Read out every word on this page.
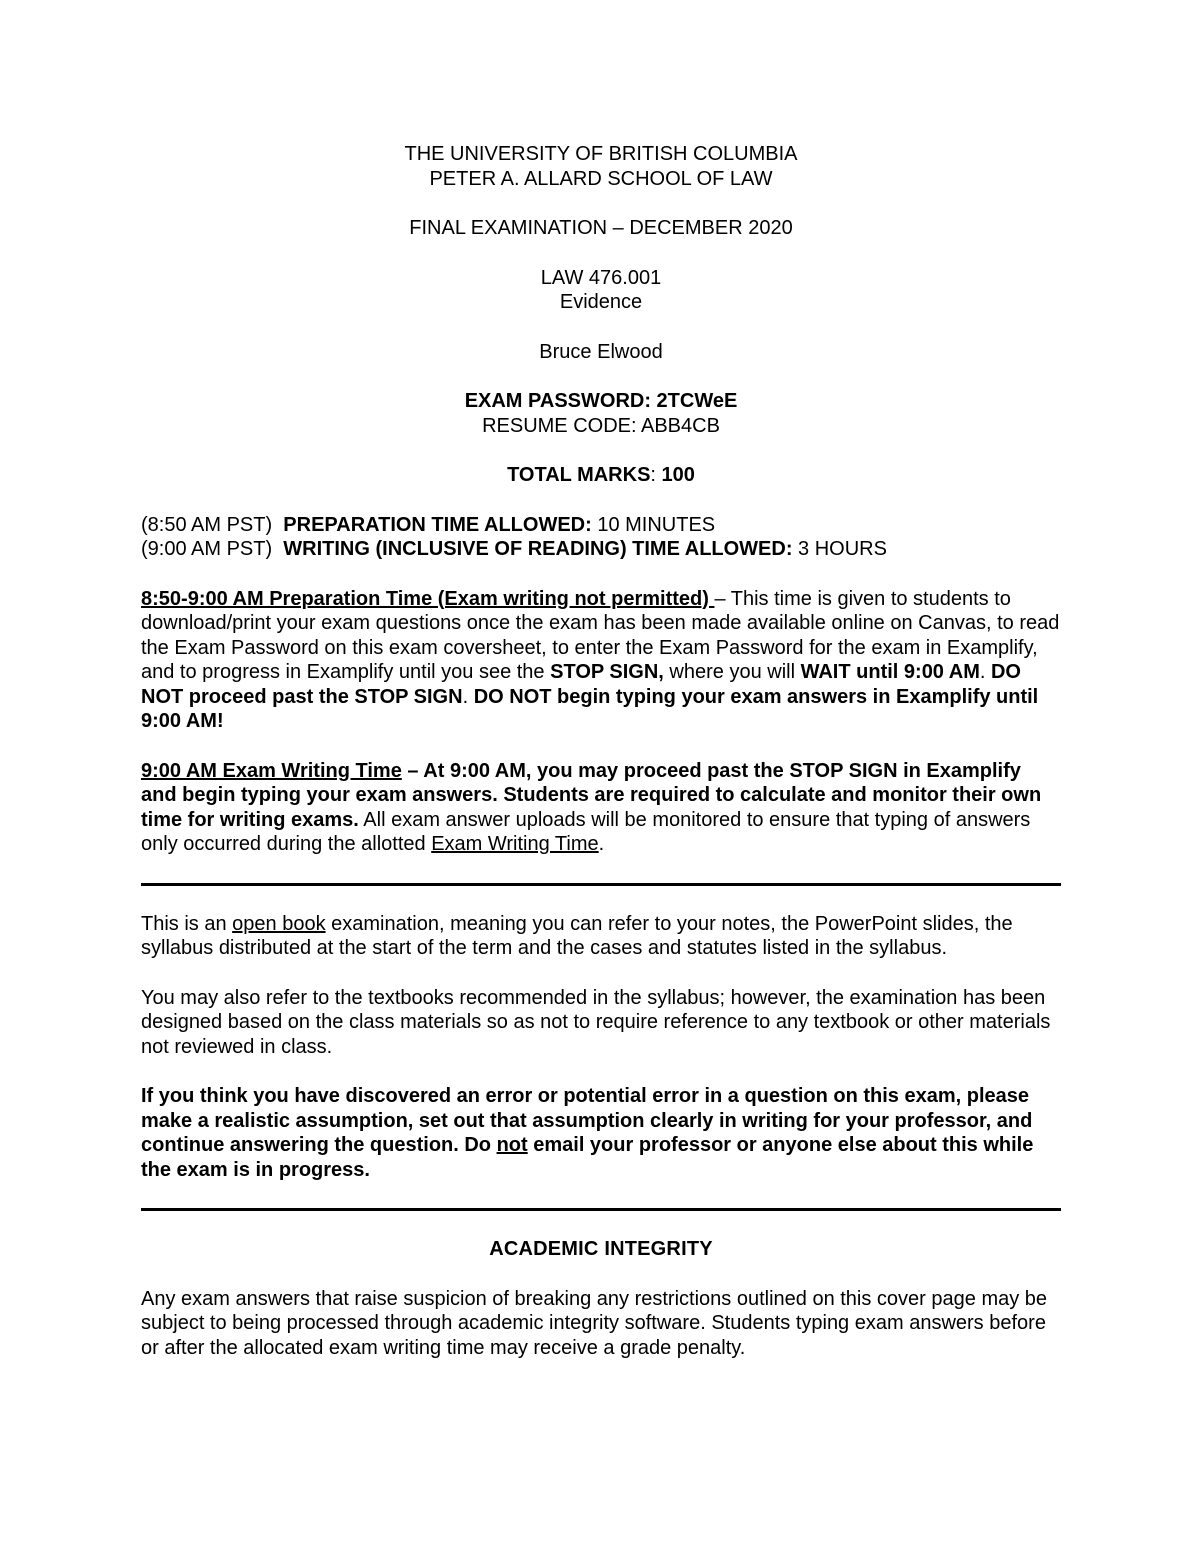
THE UNIVERSITY OF BRITISH COLUMBIA
PETER A. ALLARD SCHOOL OF LAW
FINAL EXAMINATION – DECEMBER 2020
LAW 476.001
Evidence
Bruce Elwood
EXAM PASSWORD: 2TCWeE
RESUME CODE: ABB4CB
TOTAL MARKS: 100
(8:50 AM PST) PREPARATION TIME ALLOWED: 10 MINUTES
(9:00 AM PST) WRITING (INCLUSIVE OF READING) TIME ALLOWED: 3 HOURS

8:50-9:00 AM Preparation Time (Exam writing not permitted) – This time is given to students to download/print your exam questions once the exam has been made available online on Canvas, to read the Exam Password on this exam coversheet, to enter the Exam Password for the exam in Examplify, and to progress in Examplify until you see the STOP SIGN, where you will WAIT until 9:00 AM. DO NOT proceed past the STOP SIGN. DO NOT begin typing your exam answers in Examplify until 9:00 AM!

9:00 AM Exam Writing Time – At 9:00 AM, you may proceed past the STOP SIGN in Examplify and begin typing your exam answers. Students are required to calculate and monitor their own time for writing exams. All exam answer uploads will be monitored to ensure that typing of answers only occurred during the allotted Exam Writing Time.

This is an open book examination, meaning you can refer to your notes, the PowerPoint slides, the syllabus distributed at the start of the term and the cases and statutes listed in the syllabus.

You may also refer to the textbooks recommended in the syllabus; however, the examination has been designed based on the class materials so as not to require reference to any textbook or other materials not reviewed in class.

If you think you have discovered an error or potential error in a question on this exam, please make a realistic assumption, set out that assumption clearly in writing for your professor, and continue answering the question. Do not email your professor or anyone else about this while the exam is in progress.

ACADEMIC INTEGRITY

Any exam answers that raise suspicion of breaking any restrictions outlined on this cover page may be subject to being processed through academic integrity software. Students typing exam answers before or after the allocated exam writing time may receive a grade penalty.
